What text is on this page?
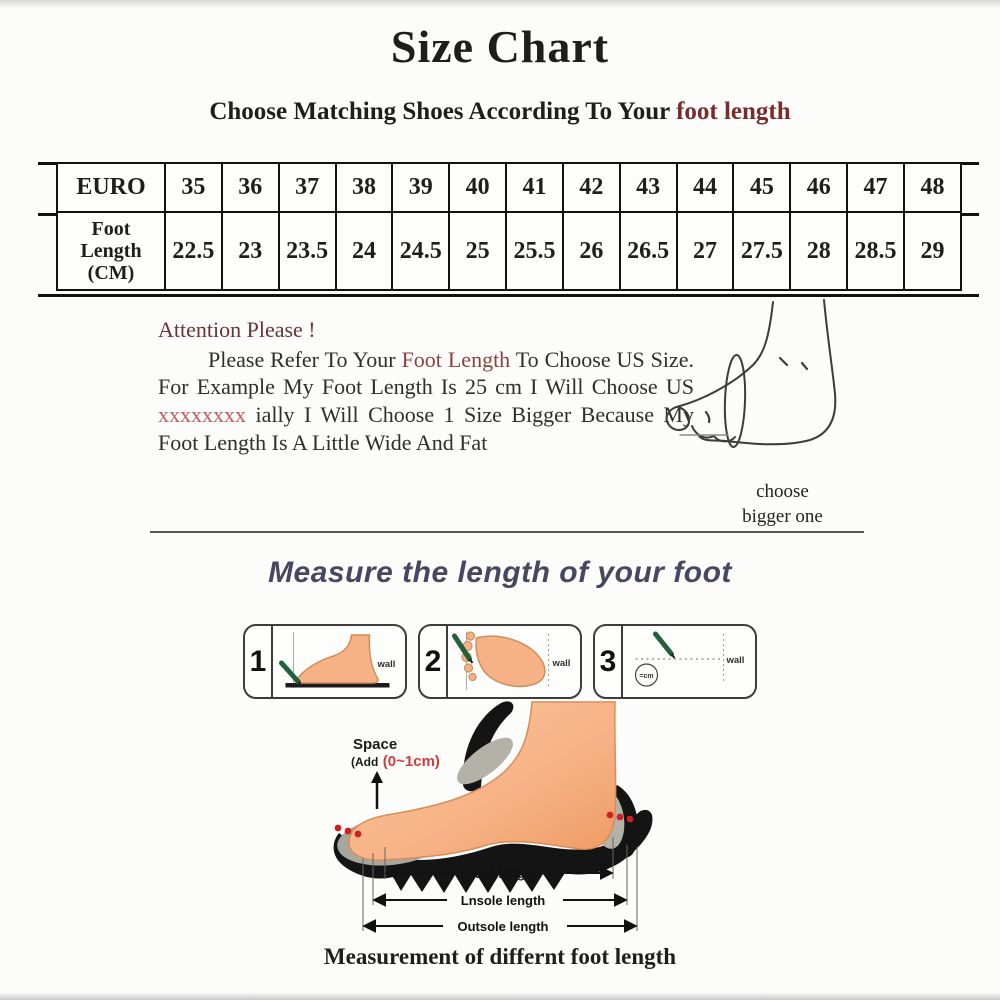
Size Chart
Choose Matching Shoes According To Your foot length
EURO	35	36	37	38	39	40	41	42	43	44	45	46	47	48
Foot Length (CM)	22.5	23	23.5	24	24.5	25	25.5	26	26.5	27	27.5	28	28.5	29
Attention Please !

Please Refer To Your Foot Length To Choose US Size. For Example My Foot Length Is 25 cm I Will Choose US xxxxxxxx ially I Will Choose 1 Size Bigger Because My Foot Length Is A Little Wide And Fat

choose
bigger one
Measure the length of your foot
1	wall 2	wall 3	=cm
wall
Space
(Add (0~1cm)
Foot length
Lnsole length
Outsole length
Measurement of differnt foot length
